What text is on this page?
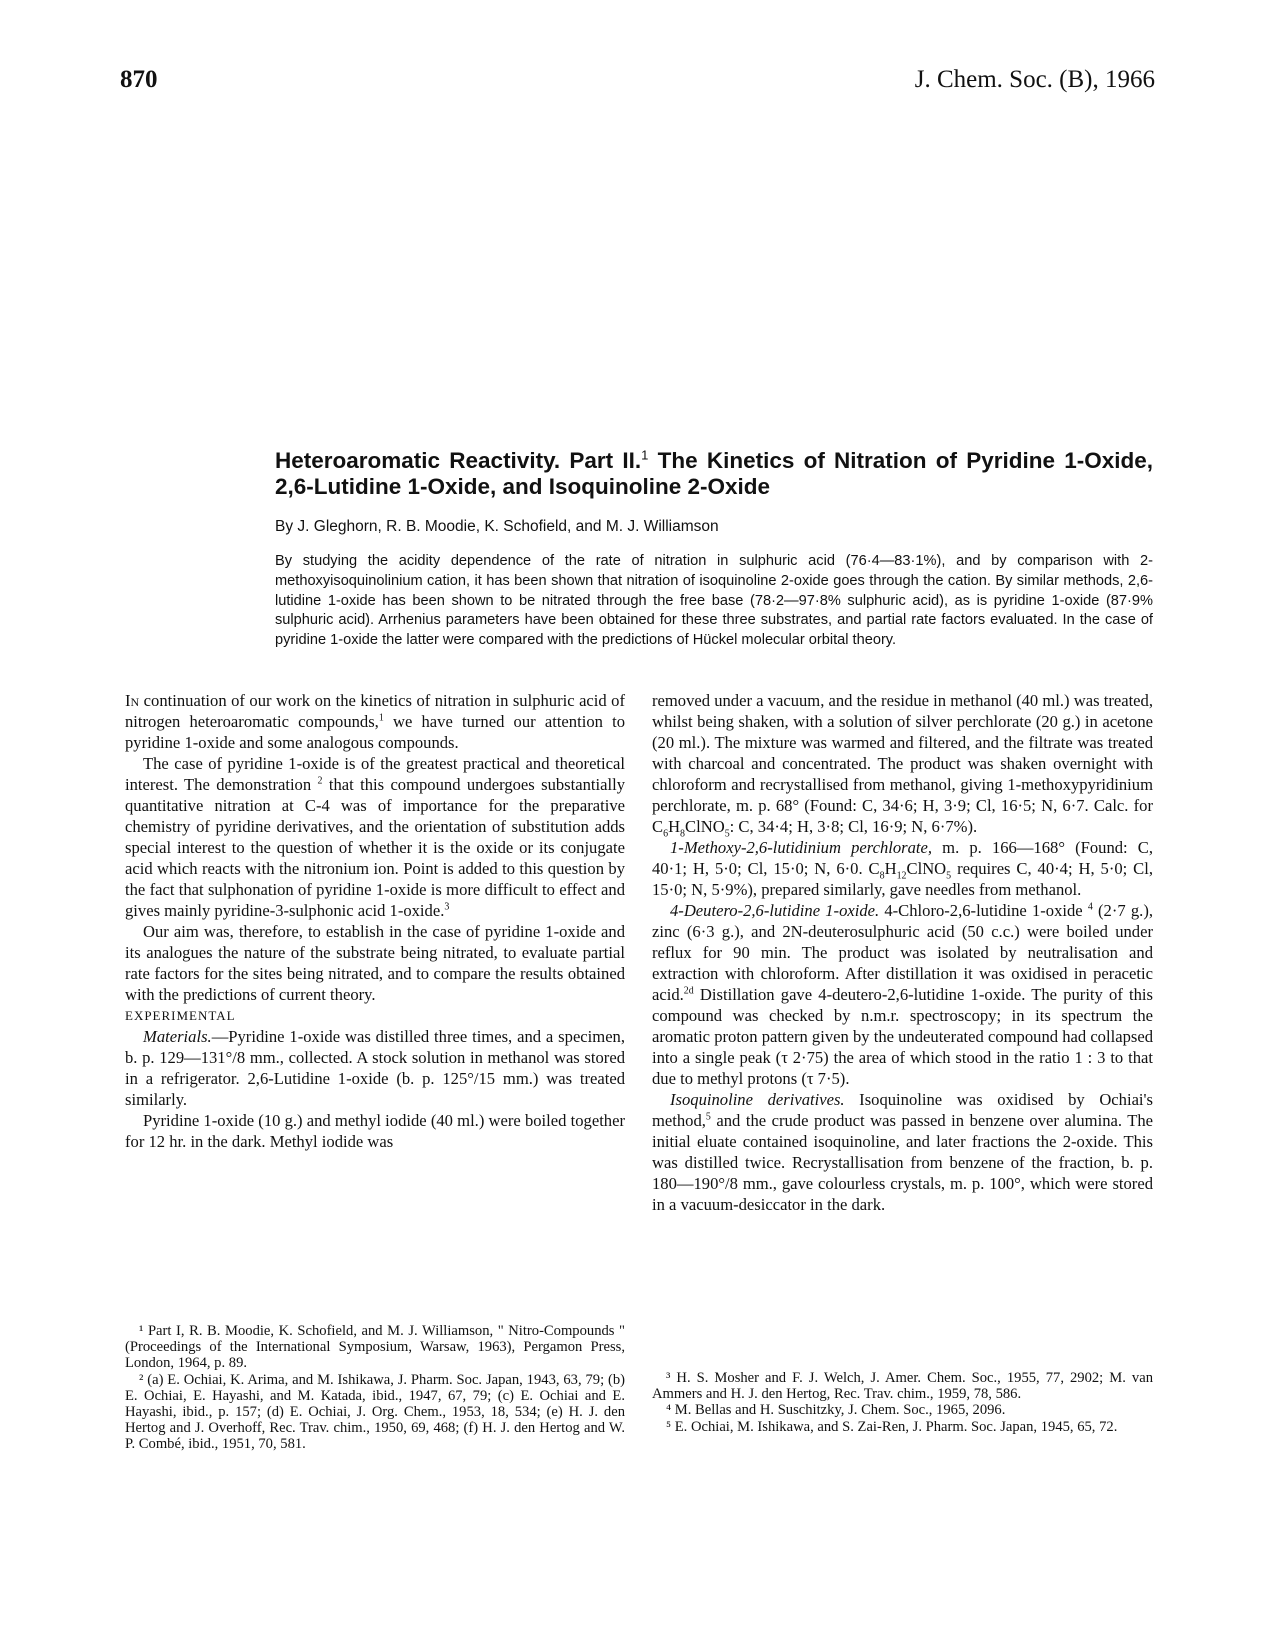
870	J. Chem. Soc. (B), 1966
Heteroaromatic Reactivity. Part II.$^1$ The Kinetics of Nitration of Pyridine 1-Oxide, 2,6-Lutidine 1-Oxide, and Isoquinoline 2-Oxide
By J. Gleghorn, R. B. Moodie, K. Schofield, and M. J. Williamson
By studying the acidity dependence of the rate of nitration in sulphuric acid (76·4—83·1%), and by comparison with 2-methoxyisoquinolinium cation, it has been shown that nitration of isoquinoline 2-oxide goes through the cation. By similar methods, 2,6-lutidine 1-oxide has been shown to be nitrated through the free base (78·2—97·8% sulphuric acid), as is pyridine 1-oxide (87·9% sulphuric acid). Arrhenius parameters have been obtained for these three substrates, and partial rate factors evaluated. In the case of pyridine 1-oxide the latter were compared with the predictions of Hückel molecular orbital theory.

In continuation of our work on the kinetics of nitration in sulphuric acid of nitrogen heteroaromatic compounds,$^1$ we have turned our attention to pyridine 1-oxide and some analogous compounds.

The case of pyridine 1-oxide is of the greatest practical and theoretical interest. The demonstration $^2$ that this compound undergoes substantially quantitative nitration at C-4 was of importance for the preparative chemistry of pyridine derivatives, and the orientation of substitution adds special interest to the question of whether it is the oxide or its conjugate acid which reacts with the nitronium ion. Point is added to this question by the fact that sulphonation of pyridine 1-oxide is more difficult to effect and gives mainly pyridine-3-sulphonic acid 1-oxide.$^3$

Our aim was, therefore, to establish in the case of pyridine 1-oxide and its analogues the nature of the substrate being nitrated, to evaluate partial rate factors for the sites being nitrated, and to compare the results obtained with the predictions of current theory.

EXPERIMENTAL

Materials.—Pyridine 1-oxide was distilled three times, and a specimen, b. p. 129—131°/8 mm., collected. A stock solution in methanol was stored in a refrigerator. 2,6-Lutidine 1-oxide (b. p. 125°/15 mm.) was treated similarly.

Pyridine 1-oxide (10 g.) and methyl iodide (40 ml.) were boiled together for 12 hr. in the dark. Methyl iodide was

¹ Part I, R. B. Moodie, K. Schofield, and M. J. Williamson, " Nitro-Compounds " (Proceedings of the International Symposium, Warsaw, 1963), Pergamon Press, London, 1964, p. 89.

² (a) E. Ochiai, K. Arima, and M. Ishikawa, J. Pharm. Soc. Japan, 1943, 63, 79; (b) E. Ochiai, E. Hayashi, and M. Katada, ibid., 1947, 67, 79; (c) E. Ochiai and E. Hayashi, ibid., p. 157; (d) E. Ochiai, J. Org. Chem., 1953, 18, 534; (e) H. J. den Hertog and J. Overhoff, Rec. Trav. chim., 1950, 69, 468; (f) H. J. den Hertog and W. P. Combé, ibid., 1951, 70, 581.

removed under a vacuum, and the residue in methanol (40 ml.) was treated, whilst being shaken, with a solution of silver perchlorate (20 g.) in acetone (20 ml.). The mixture was warmed and filtered, and the filtrate was treated with charcoal and concentrated. The product was shaken overnight with chloroform and recrystallised from methanol, giving 1-methoxypyridinium perchlorate, m. p. 68° (Found: C, 34·6; H, 3·9; Cl, 16·5; N, 6·7. Calc. for $C_6H_8ClNO_5$: C, 34·4; H, 3·8; Cl, 16·9; N, 6·7%).

1-Methoxy-2,6-lutidinium perchlorate, m. p. 166—168° (Found: C, 40·1; H, 5·0; Cl, 15·0; N, 6·0. $C_8H_{12}ClNO_5$ requires C, 40·4; H, 5·0; Cl, 15·0; N, 5·9%), prepared similarly, gave needles from methanol.

4-Deutero-2,6-lutidine 1-oxide. 4-Chloro-2,6-lutidine 1-oxide $^4$ (2·7 g.), zinc (6·3 g.), and 2N-deuterosulphuric acid (50 c.c.) were boiled under reflux for 90 min. The product was isolated by neutralisation and extraction with chloroform. After distillation it was oxidised in peracetic acid.$^{2d}$ Distillation gave 4-deutero-2,6-lutidine 1-oxide. The purity of this compound was checked by n.m.r. spectroscopy; in its spectrum the aromatic proton pattern given by the undeuterated compound had collapsed into a single peak (τ 2·75) the area of which stood in the ratio 1 : 3 to that due to methyl protons (τ 7·5).

Isoquinoline derivatives. Isoquinoline was oxidised by Ochiai's method,$^5$ and the crude product was passed in benzene over alumina. The initial eluate contained isoquinoline, and later fractions the 2-oxide. This was distilled twice. Recrystallisation from benzene of the fraction, b. p. 180—190°/8 mm., gave colourless crystals, m. p. 100°, which were stored in a vacuum-desiccator in the dark.

³ H. S. Mosher and F. J. Welch, J. Amer. Chem. Soc., 1955, 77, 2902; M. van Ammers and H. J. den Hertog, Rec. Trav. chim., 1959, 78, 586.

⁴ M. Bellas and H. Suschitzky, J. Chem. Soc., 1965, 2096.

⁵ E. Ochiai, M. Ishikawa, and S. Zai-Ren, J. Pharm. Soc. Japan, 1945, 65, 72.
